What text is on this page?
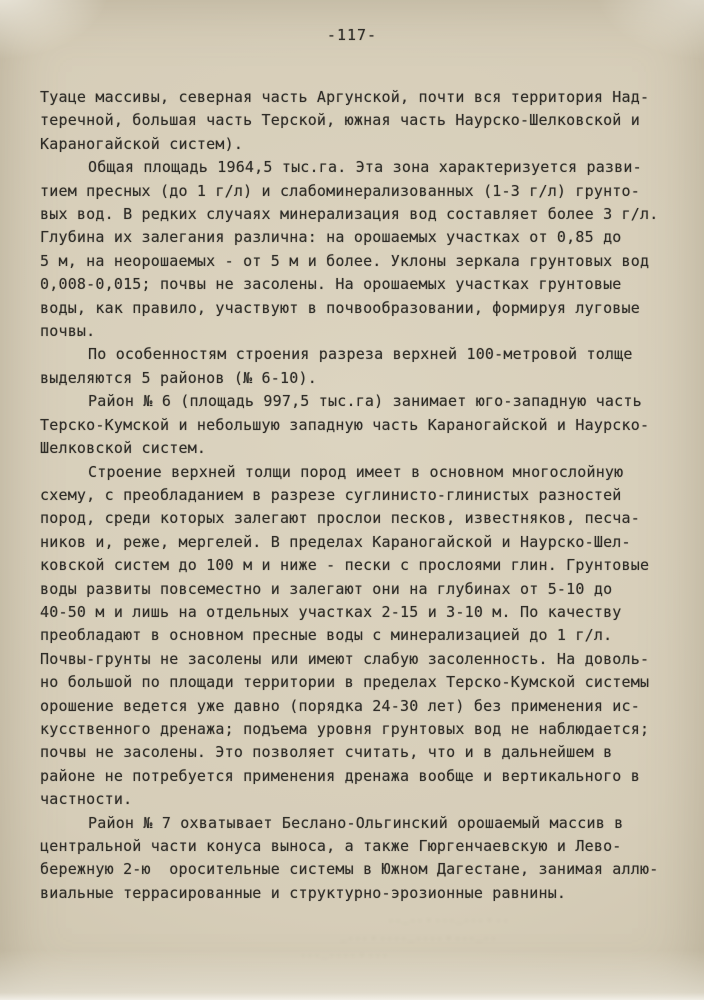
-117-
Туаце массивы, северная часть Аргунской, почти вся территория Над-
теречной, большая часть Терской, южная часть Наурско-Шелковской и
Караногайской систем).
Общая площадь 1964,5 тыс.га. Эта зона характеризуется разви-
тием пресных (до 1 г/л) и слабоминерализованных (1-3 г/л) грунто-
вых вод. В редких случаях минерализация вод составляет более 3 г/л.
Глубина их залегания различна: на орошаемых участках от 0,85 до
5 м, на неорошаемых - от 5 м и более. Уклоны зеркала грунтовых вод
0,008-0,015; почвы не засолены. На орошаемых участках грунтовые
воды, как правило, участвуют в почвообразовании, формируя луговые
почвы.
По особенностям строения разреза верхней 100-метровой толще
выделяются 5 районов (№ 6-10).
Район № 6 (площадь 997,5 тыс.га) занимает юго-западную часть
Терско-Кумской и небольшую западную часть Караногайской и Наурско-
Шелковской систем.
Строение верхней толщи пород имеет в основном многослойную
схему, с преобладанием в разрезе суглинисто-глинистых разностей
пород, среди которых залегают прослои песков, известняков, песча-
ников и, реже, мергелей. В пределах Караногайской и Наурско-Шел-
ковской систем до 100 м и ниже - пески с прослоями глин. Грунтовые
воды развиты повсеместно и залегают они на глубинах от 5-10 до
40-50 м и лишь на отдельных участках 2-15 и 3-10 м. По качеству
преобладают в основном пресные воды с минерализацией до 1 г/л.
Почвы-грунты не засолены или имеют слабую засоленность. На доволь-
но большой по площади территории в пределах Терско-Кумской системы
орошение ведется уже давно (порядка 24-30 лет) без применения ис-
кусственного дренажа; подъема уровня грунтовых вод не наблюдается;
почвы не засолены. Это позволяет считать, что и в дальнейшем в
районе не потребуется применения дренажа вообще и вертикального в
частности.
Район № 7 охватывает Беслано-Ольгинский орошаемый массив в
центральной части конуса выноса, а также Гюргенчаевскую и Лево-
бережную 2-ю  оросительные системы в Южном Дагестане, занимая аллю-
виальные террасированные и структурно-эрозионные равнины.
··‥··・···‥···・··
‥···・····‥····・···‥··
···‥····・···
